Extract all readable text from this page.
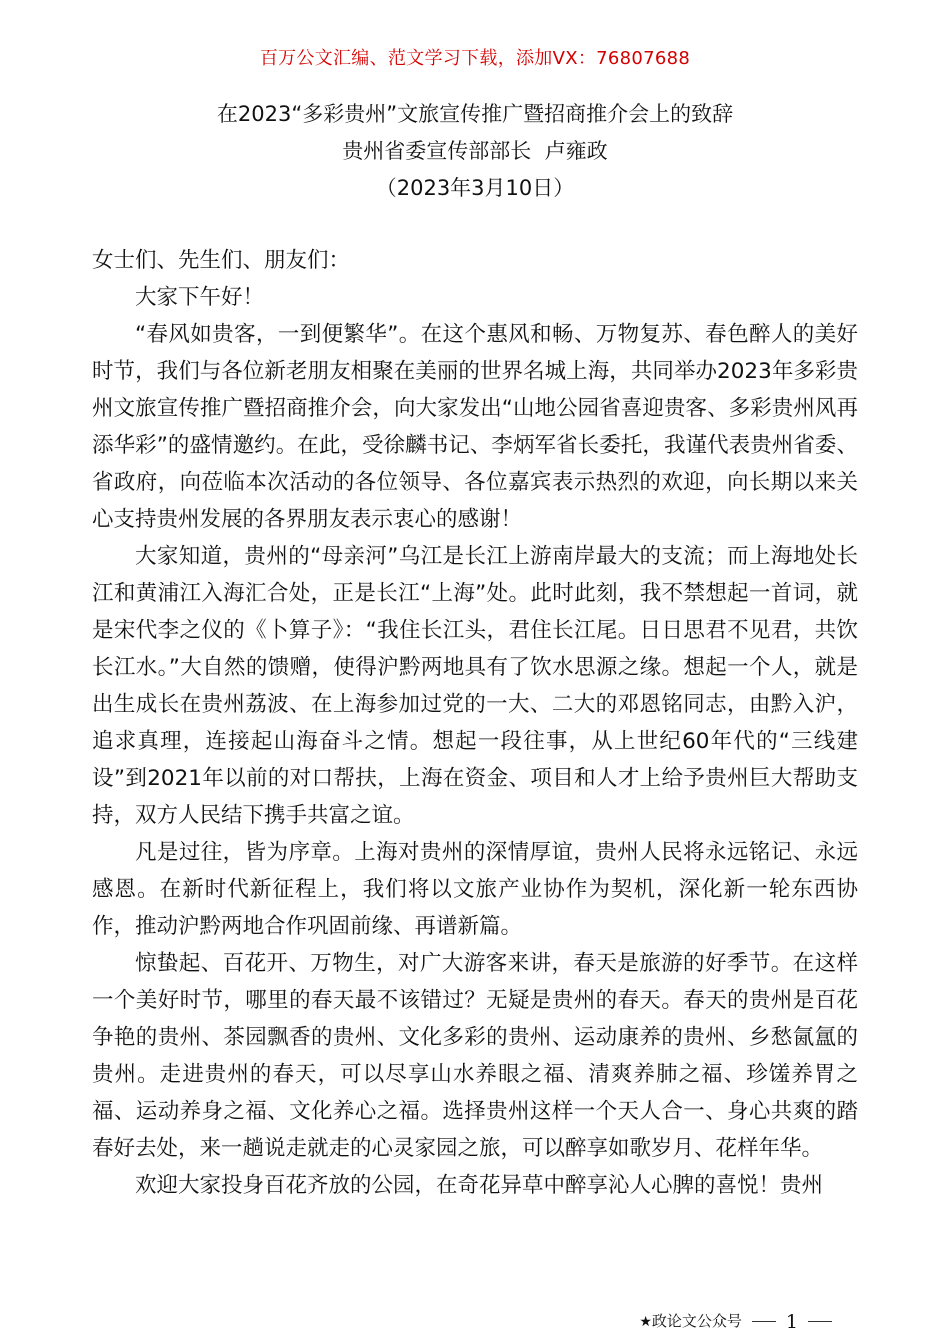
百万公文汇编、范文学习下载，添加VX：76807688
在2023“多彩贵州”文旅宣传推广暨招商推介会上的致辞
贵州省委宣传部部长  卢雍政
（2023年3月10日）
女士们、先生们、朋友们：

大家下午好！

“春风如贵客，一到便繁华”。在这个惠风和畅、万物复苏、春色醉人的美好时节，我们与各位新老朋友相聚在美丽的世界名城上海，共同举办2023年多彩贵州文旅宣传推广暨招商推介会，向大家发出“山地公园省喜迎贵客、多彩贵州风再添华彩”的盛情邀约。在此，受徐麟书记、李炳军省长委托，我谨代表贵州省委、省政府，向莅临本次活动的各位领导、各位嘉宾表示热烈的欢迎，向长期以来关心支持贵州发展的各界朋友表示衷心的感谢！

大家知道，贵州的“母亲河”乌江是长江上游南岸最大的支流；而上海地处长江和黄浦江入海汇合处，正是长江“上海”处。此时此刻，我不禁想起一首词，就是宋代李之仪的《卜算子》：“我住长江头，君住长江尾。日日思君不见君，共饮长江水。”大自然的馈赠，使得沪黔两地具有了饮水思源之缘。想起一个人，就是出生成长在贵州荔波、在上海参加过党的一大、二大的邓恩铭同志，由黔入沪，追求真理，连接起山海奋斗之情。想起一段往事，从上世纪60年代的“三线建设”到2021年以前的对口帮扶，上海在资金、项目和人才上给予贵州巨大帮助支持，双方人民结下携手共富之谊。

凡是过往，皆为序章。上海对贵州的深情厚谊，贵州人民将永远铭记、永远感恩。在新时代新征程上，我们将以文旅产业协作为契机，深化新一轮东西协作，推动沪黔两地合作巩固前缘、再谱新篇。

惊蛰起、百花开、万物生，对广大游客来讲，春天是旅游的好季节。在这样一个美好时节，哪里的春天最不该错过？无疑是贵州的春天。春天的贵州是百花争艳的贵州、茶园飘香的贵州、文化多彩的贵州、运动康养的贵州、乡愁氤氲的贵州。走进贵州的春天，可以尽享山水养眼之福、清爽养肺之福、珍馐养胃之福、运动养身之福、文化养心之福。选择贵州这样一个天人合一、身心共爽的踏春好去处，来一趟说走就走的心灵家园之旅，可以醉享如歌岁月、花样年华。

欢迎大家投身百花齐放的公园，在奇花异草中醉享沁人心脾的喜悦！贵州

★政论文公众号 1
